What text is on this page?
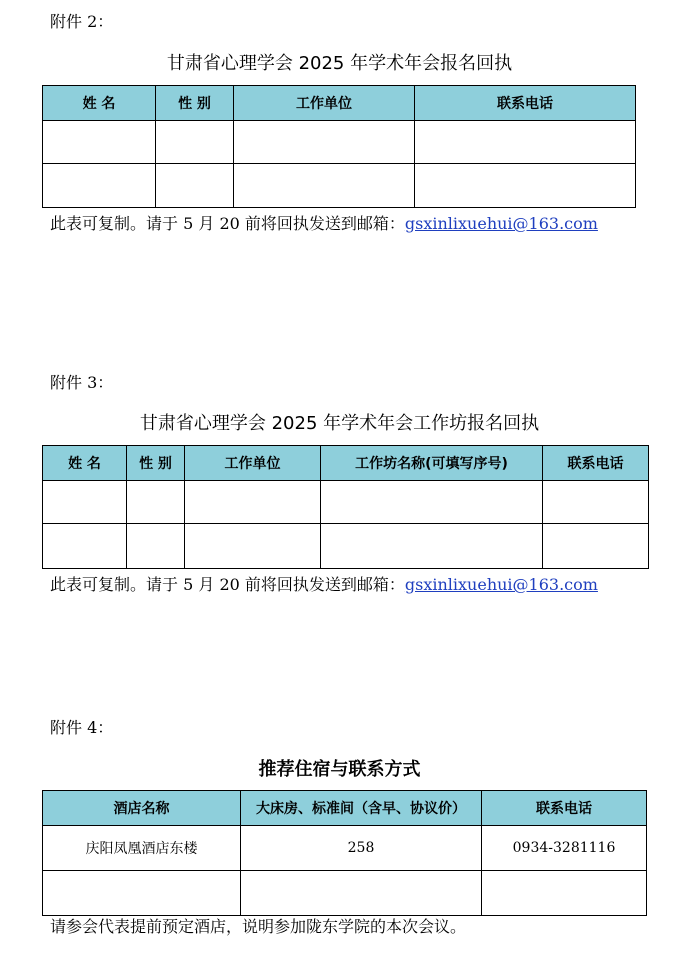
附件 2：
甘肃省心理学会 2025 年学术年会报名回执
姓 名	性 别	工作单位	联系电话

此表可复制。请于 5 月 20 前将回执发送到邮箱：gsxinlixuehui@163.com
附件 3：
甘肃省心理学会 2025 年学术年会工作坊报名回执
姓 名	性 别	工作单位	工作坊名称(可填写序号)	联系电话

此表可复制。请于 5 月 20 前将回执发送到邮箱：gsxinlixuehui@163.com
附件 4：
推荐住宿与联系方式
酒店名称	大床房、标准间（含早、协议价）	联系电话
庆阳凤凰酒店东楼	258	0934-3281116

请参会代表提前预定酒店，说明参加陇东学院的本次会议。
